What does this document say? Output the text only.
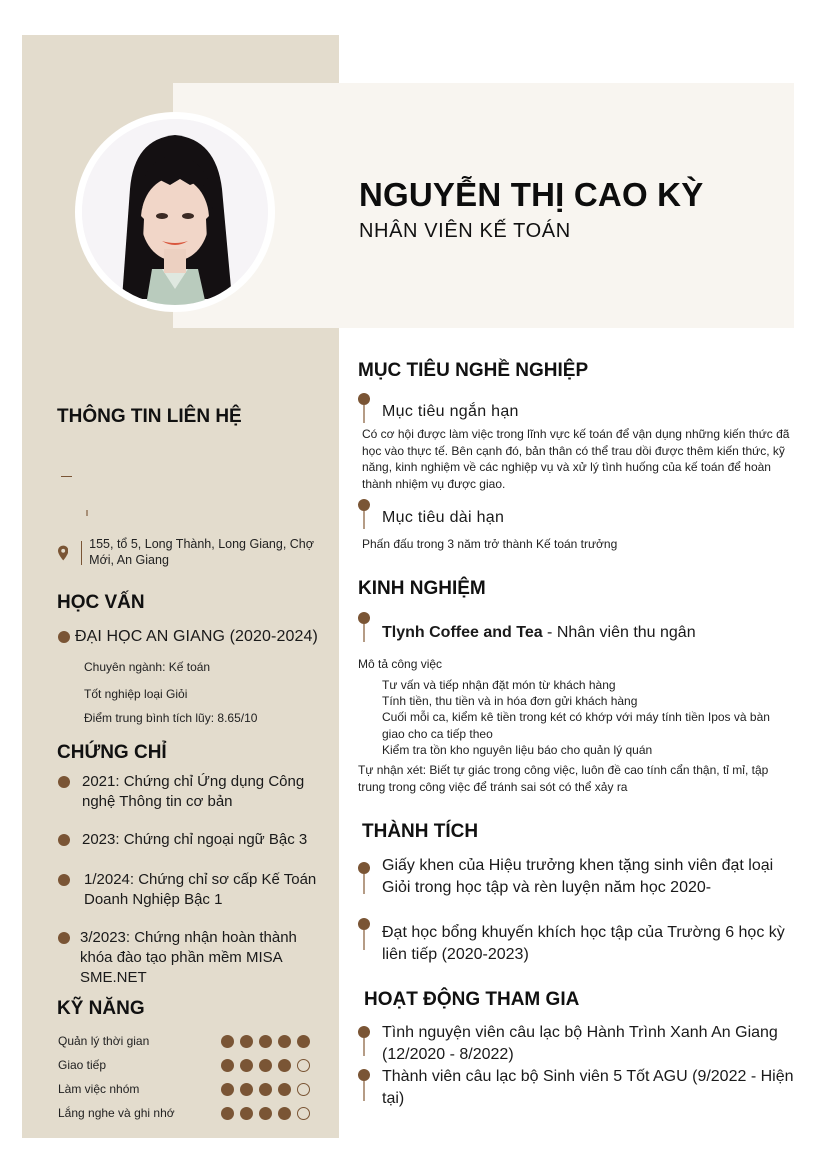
NGUYỄN THỊ CAO KỲ
NHÂN VIÊN KẾ TOÁN
THÔNG TIN LIÊN HỆ
155, tổ 5, Long Thành, Long Giang, Chợ Mới, An Giang
HỌC VẤN
ĐẠI HỌC AN GIANG (2020-2024)
Chuyên ngành: Kế toán
Tốt nghiệp loại Giỏi
Điểm trung bình tích lũy: 8.65/10
CHỨNG CHỈ
2021: Chứng chỉ Ứng dụng Công nghệ Thông tin cơ bản
2023: Chứng chỉ ngoại ngữ Bậc 3
1/2024: Chứng chỉ sơ cấp Kế Toán Doanh Nghiệp Bậc 1
3/2023: Chứng nhận hoàn thành khóa đào tạo phần mềm MISA SME.NET
KỸ NĂNG
Quản lý thời gian
Giao tiếp
Làm việc nhóm
Lắng nghe và ghi nhớ
MỤC TIÊU NGHỀ NGHIỆP
Mục tiêu ngắn hạn
Có cơ hội được làm việc trong lĩnh vực kế toán để vận dụng những kiến thức đã học vào thực tế. Bên cạnh đó, bản thân có thể trau dồi được thêm kiến thức, kỹ năng, kinh nghiệm về các nghiệp vụ và xử lý tình huống của kế toán để hoàn thành nhiệm vụ được giao.
Mục tiêu dài hạn
Phấn đấu trong 3 năm trở thành Kế toán trưởng
KINH NGHIỆM
Tlynh Coffee and Tea - Nhân viên thu ngân
Mô tả công việc
Tư vấn và tiếp nhận đặt món từ khách hàng
Tính tiền, thu tiền và in hóa đơn gửi khách hàng
Cuối mỗi ca, kiểm kê tiền trong két có khớp với máy tính tiền Ipos và bàn giao cho ca tiếp theo
Kiểm tra tồn kho nguyên liệu báo cho quản lý quán
Tự nhận xét: Biết tự giác trong công việc, luôn đề cao tính cẩn thận, tỉ mỉ, tập trung trong công việc để tránh sai sót có thể xảy ra
THÀNH TÍCH
Giấy khen của Hiệu trưởng khen tặng sinh viên đạt loại Giỏi trong học tập và rèn luyện năm học 2020-
Đạt học bổng khuyến khích học tập của Trường 6 học kỳ liên tiếp (2020-2023)
HOẠT ĐỘNG THAM GIA
Tình nguyện viên câu lạc bộ Hành Trình Xanh An Giang (12/2020 - 8/2022)
Thành viên câu lạc bộ Sinh viên 5 Tốt AGU (9/2022 - Hiện tại)
